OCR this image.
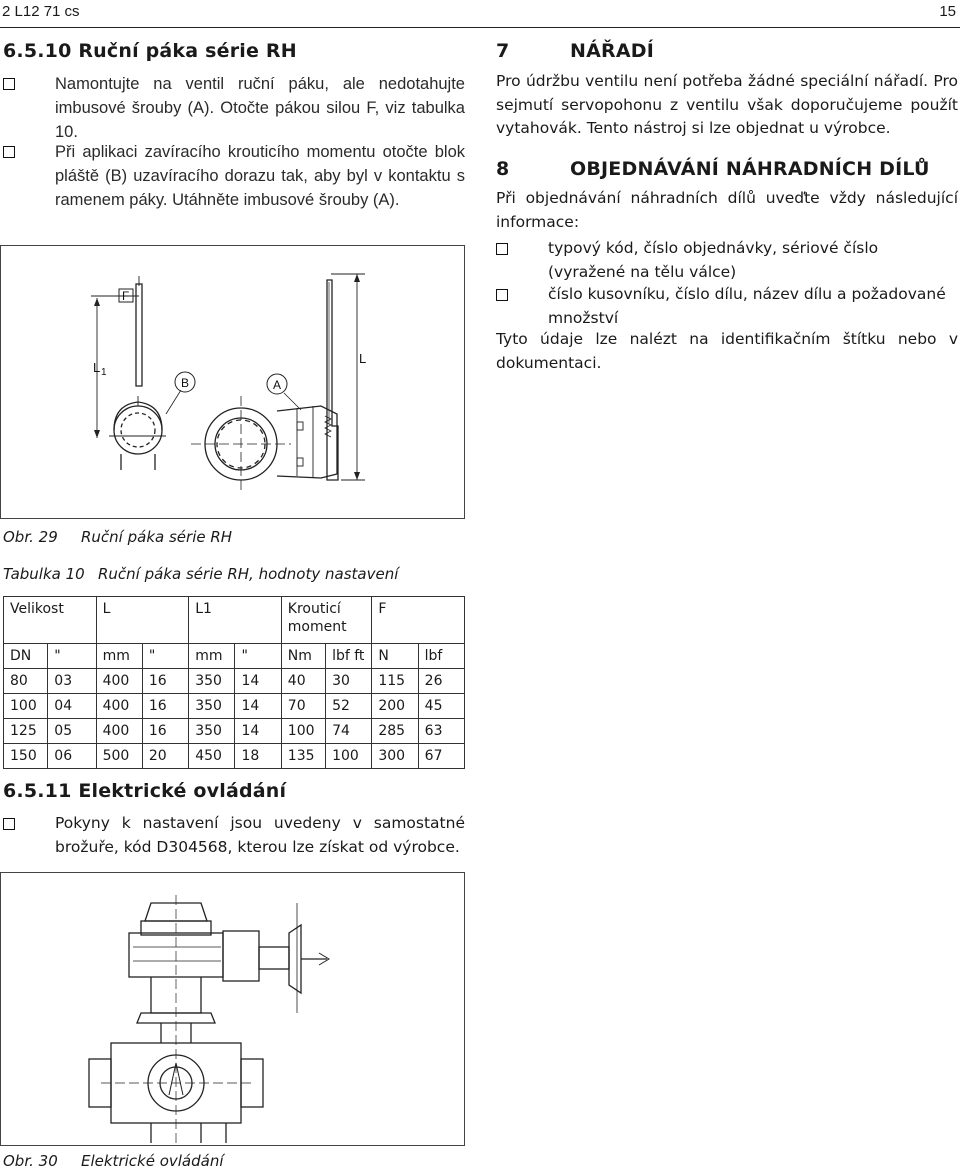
2 L12 71 cs	15
6.5.10 Ruční páka série RH
Namontujte na ventil ruční páku, ale nedotahujte imbusové šrouby (A). Otočte pákou silou F, viz tabulka 10.
Při aplikaci zavíracího krouticího momentu otočte blok pláště (B) uzavíracího dorazu tak, aby byl v kontaktu s ramenem páky. Utáhněte imbusové šrouby (A).
F
L 1
B	A
L
Obr. 29 Ruční páka série RH
Tabulka 10 Ruční páka série RH, hodnoty nastavení
Velikost		L		L1		Krouticí moment		F	
DN	"	mm	"	mm	"	Nm	lbf ft	N	lbf
80	03	400	16	350	14	40	30	115	26
100	04	400	16	350	14	70	52	200	45
125	05	400	16	350	14	100	74	285	63
150	06	500	20	450	18	135	100	300	67
6.5.11 Elektrické ovládání
Pokyny k nastavení jsou uvedeny v samostatné brožuře, kód D304568, kterou lze získat od výrobce.
Obr. 30 Elektrické ovládání
7	NÁŘADÍ
Pro údržbu ventilu není potřeba žádné speciální nářadí. Pro sejmutí servopohonu z ventilu však doporučujeme použít vytahovák. Tento nástroj si lze objednat u výrobce.
8	OBJEDNÁVÁNÍ NÁHRADNÍCH DÍLŮ
Při objednávání náhradních dílů uveďte vždy následující informace:
typový kód, číslo objednávky, sériové číslo (vyražené na tělu válce)
číslo kusovníku, číslo dílu, název dílu a požadované množství
Tyto údaje lze nalézt na identifikačním štítku nebo v dokumentaci.
